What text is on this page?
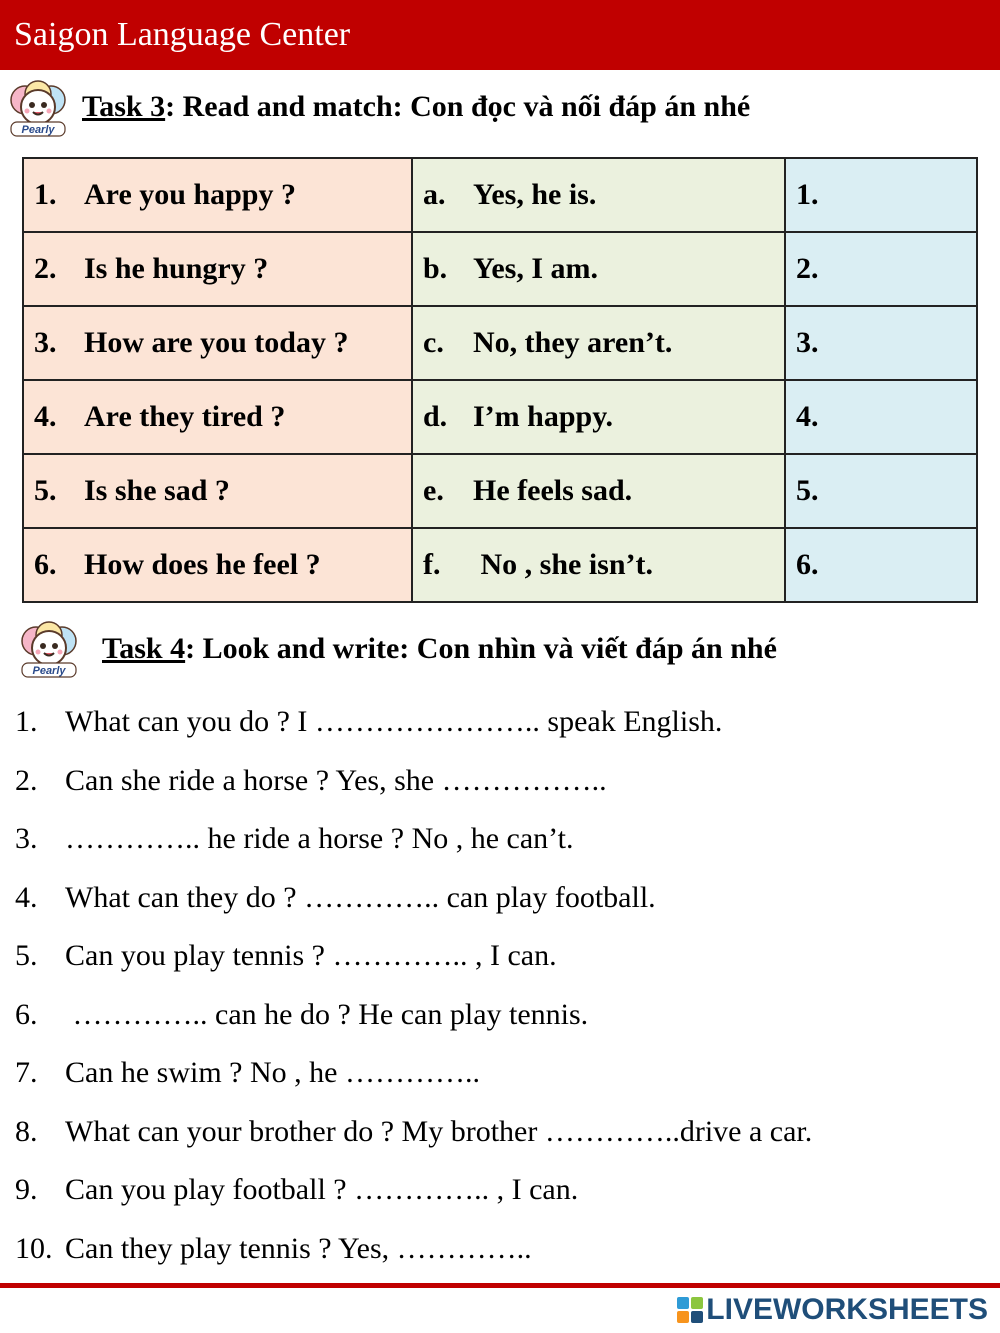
Saigon Language Center
Pearly
Task 3: Read and match: Con đọc và nối đáp án nhé
1. Are you happy ?	a. Yes, he is.	1.
2. Is he hungry ?	b. Yes, I am.	2.
3. How are you today ?	c. No, they aren’t.	3.
4. Are they tired ?	d. I’m happy.	4.
5. Is she sad ?	e. He feels sad.	5.
6. How does he feel ?	f. No , she isn’t.	6.
Pearly
Task 4: Look and write: Con nhìn và viết đáp án nhé
1. What can you do ? I ………………….. speak English.
2. Can she ride a horse ? Yes, she ……………..
3. ………….. he ride a horse ? No , he can’t.
4. What can they do ? ………….. can play football.
5. Can you play tennis ? ………….. , I can.
6. ………….. can he do ? He can play tennis.
7. Can he swim ? No , he …………..
8. What can your brother do ? My brother …………..drive a car.
9. Can you play football ? ………….. , I can.
10. Can they play tennis ? Yes, …………..
LIVEWORKSHEETS
